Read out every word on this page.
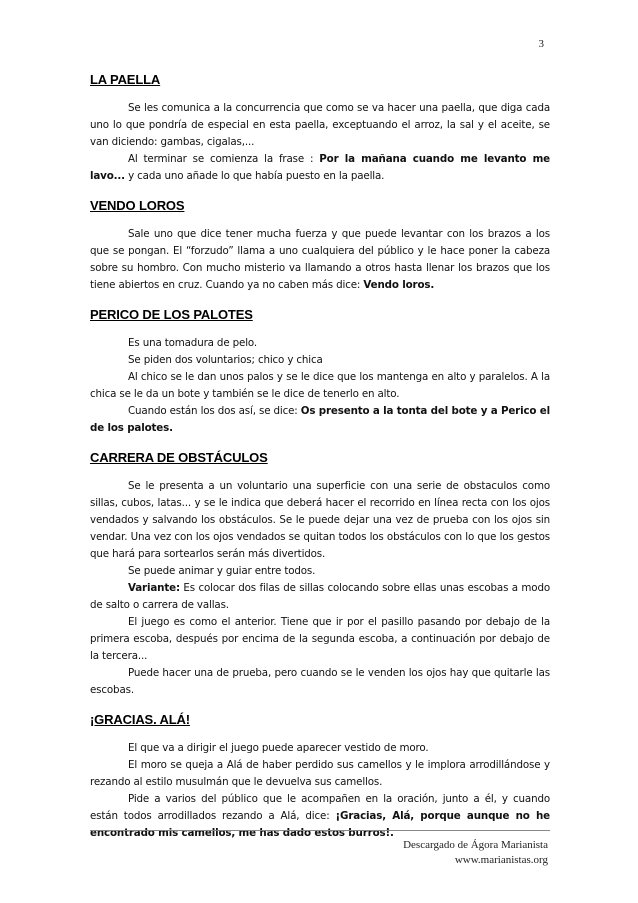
3
LA PAELLA

Se les comunica a la concurrencia que como se va hacer una paella, que diga cada uno lo que pondría de especial en esta paella, exceptuando el arroz, la sal y el aceite, se van diciendo: gambas, cigalas,...

Al terminar se comienza la frase : Por la mañana cuando me levanto me lavo... y cada uno añade lo que había puesto en la paella.

VENDO LOROS

Sale uno que dice tener mucha fuerza y que puede levantar con los brazos a los que se pongan. El “forzudo” llama a uno cualquiera del público y le hace poner la cabeza sobre su hombro. Con mucho misterio va llamando a otros hasta llenar los brazos que los tiene abiertos en cruz. Cuando ya no caben más dice: Vendo loros.

PERICO DE LOS PALOTES

Es una tomadura de pelo.

Se piden dos voluntarios; chico y chica

Al chico se le dan unos palos y se le dice que los mantenga en alto y paralelos. A la chica se le da un bote y también se le dice de tenerlo en alto.

Cuando están los dos así, se dice: Os presento a la tonta del bote y a Perico el de los palotes.

CARRERA DE OBSTÁCULOS

Se le presenta a un voluntario una superficie con una serie de obstaculos como sillas, cubos, latas... y se le indica que deberá hacer el recorrido en línea recta con los ojos vendados y salvando los obstáculos. Se le puede dejar una vez de prueba con los ojos sin vendar. Una vez con los ojos vendados se quitan todos los obstáculos con lo que los gestos que hará para sortearlos serán más divertidos.

Se puede animar y guiar entre todos.

Variante: Es colocar dos filas de sillas colocando sobre ellas unas escobas a modo de salto o carrera de vallas.

El juego es como el anterior. Tiene que ir por el pasillo pasando por debajo de la primera escoba, después por encima de la segunda escoba, a continuación por debajo de la tercera...

Puede hacer una de prueba, pero cuando se le venden los ojos hay que quitarle las escobas.

¡GRACIAS. ALÁ!

El que va a dirigir el juego puede aparecer vestido de moro.

El moro se queja a Alá de haber perdido sus camellos y le implora arrodillándose y rezando al estilo musulmán que le devuelva sus camellos.

Pide a varios del público que le acompañen en la oración, junto a él, y cuando están todos arrodillados rezando a Alá, dice: ¡Gracias, Alá, porque aunque no he encontrado mis camellos, me has dado estos burros!.

Descargado de Ágora Marianista
www.marianistas.org
